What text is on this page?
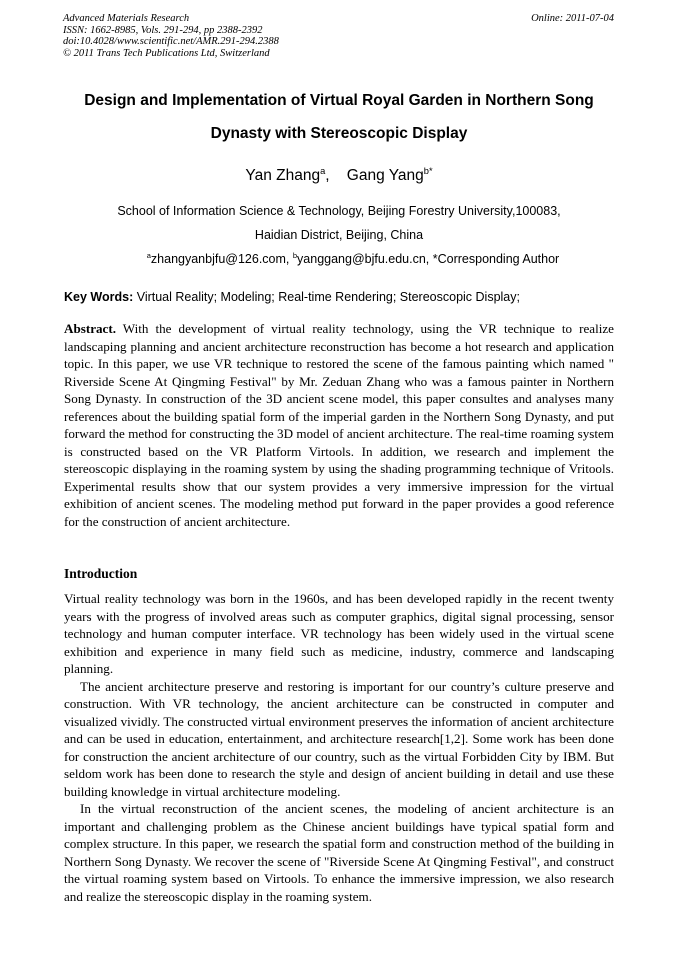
Advanced Materials Research
ISSN: 1662-8985, Vols. 291-294, pp 2388-2392
doi:10.4028/www.scientific.net/AMR.291-294.2388
© 2011 Trans Tech Publications Ltd, Switzerland
Online: 2011-07-04
Design and Implementation of Virtual Royal Garden in Northern Song
Dynasty with Stereoscopic Display
Yan Zhang$^a$,    Gang Yang$^{b*}$
School of Information Science & Technology, Beijing Forestry University,100083,
Haidian District, Beijing, China
$^a$zhangyanbjfu@126.com, $^b$yanggang@bjfu.edu.cn, *Corresponding Author
Key Words: Virtual Reality; Modeling; Real-time Rendering; Stereoscopic Display;

Abstract. With the development of virtual reality technology, using the VR technique to realize landscaping planning and ancient architecture reconstruction has become a hot research and application topic. In this paper, we use VR technique to restored the scene of the famous painting which named " Riverside Scene At Qingming Festival" by Mr. Zeduan Zhang who was a famous painter in Northern Song Dynasty. In construction of the 3D ancient scene model, this paper consultes and analyses many references about the building spatial form of the imperial garden in the Northern Song Dynasty, and put forward the method for constructing the 3D model of ancient architecture. The real-time roaming system is constructed based on the VR Platform Virtools. In addition, we research and implement the stereoscopic displaying in the roaming system by using the shading programming technique of Vritools. Experimental results show that our system provides a very immersive impression for the virtual exhibition of ancient scenes. The modeling method put forward in the paper provides a good reference for the construction of ancient architecture.

Introduction

Virtual reality technology was born in the 1960s, and has been developed rapidly in the recent twenty years with the progress of involved areas such as computer graphics, digital signal processing, sensor technology and human computer interface. VR technology has been widely used in the virtual scene exhibition and experience in many field such as medicine, industry, commerce and landscaping planning.

The ancient architecture preserve and restoring is important for our country’s culture preserve and construction. With VR technology, the ancient architecture can be constructed in computer and visualized vividly. The constructed virtual environment preserves the information of ancient architecture and can be used in education, entertainment, and architecture research[1,2]. Some work has been done for construction the ancient architecture of our country, such as the virtual Forbidden City by IBM. But seldom work has been done to research the style and design of ancient building in detail and use these building knowledge in virtual architecture modeling.

In the virtual reconstruction of the ancient scenes, the modeling of ancient architecture is an important and challenging problem as the Chinese ancient buildings have typical spatial form and complex structure. In this paper, we research the spatial form and construction method of the building in Northern Song Dynasty. We recover the scene of "Riverside Scene At Qingming Festival", and construct the virtual roaming system based on Virtools. To enhance the immersive impression, we also research and realize the stereoscopic display in the roaming system.
